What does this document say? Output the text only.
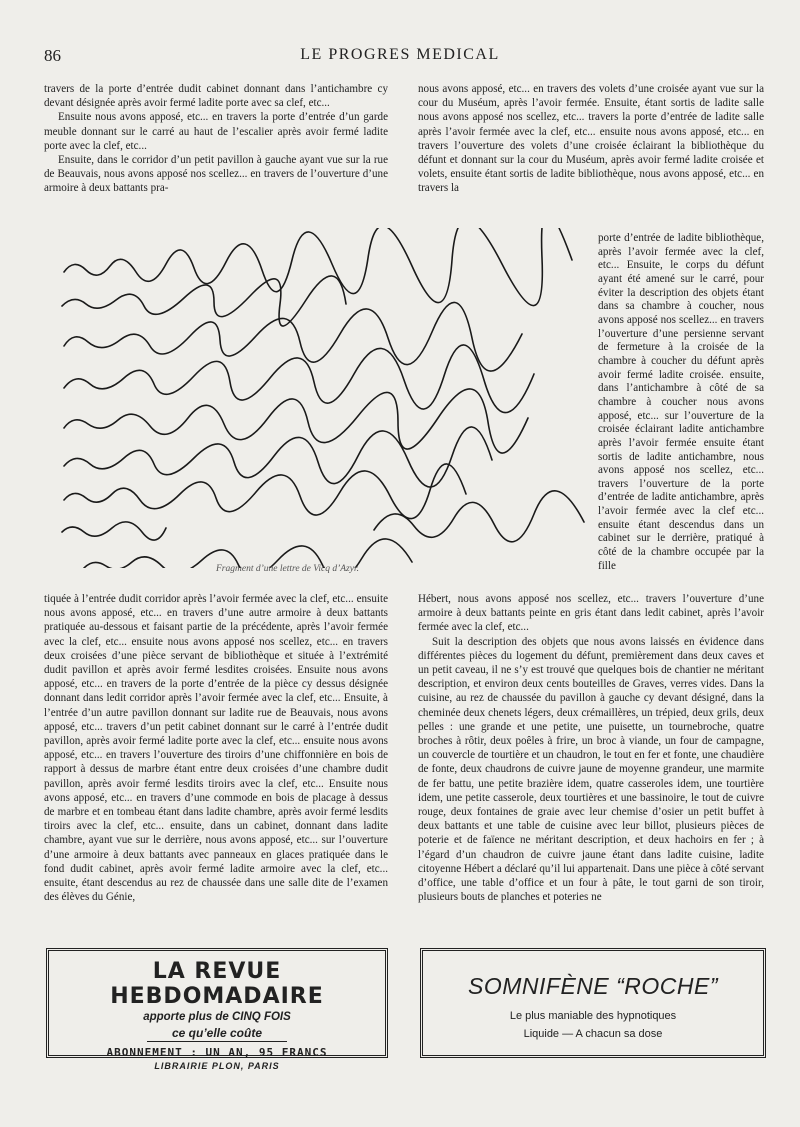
86	LE PROGRES MEDICAL

travers de la porte d’entrée dudit cabinet donnant dans l’antichambre cy devant désignée après avoir fermé ladite porte avec sa clef, etc...

Ensuite nous avons apposé, etc... en travers la porte d’entrée d’un garde meuble donnant sur le carré au haut de l’escalier après avoir fermé ladite porte avec la clef, etc...

Ensuite, dans le corridor d’un petit pavillon à gauche ayant vue sur la rue de Beauvais, nous avons apposé nos scellez... en travers de l’ouverture d’une armoire à deux battants pra-

nous avons apposé, etc... en travers des volets d’une croisée ayant vue sur la cour du Muséum, après l’avoir fermée. Ensuite, étant sortis de ladite salle nous avons apposé nos scellez, etc... travers la porte d’entrée de ladite salle après l’avoir fermée avec la clef, etc... ensuite nous avons apposé, etc... en travers l’ouverture des volets d’une croisée éclairant la bibliothèque du défunt et donnant sur la cour du Muséum, après avoir fermé ladite croisée et volets, ensuite étant sortis de ladite bibliothèque, nous avons apposé, etc... en travers la

porte d’entrée de ladite bibliothèque, après l’avoir fermée avec la clef, etc... Ensuite, le corps du défunt ayant été amené sur le carré, pour éviter la description des objets étant dans sa chambre à coucher, nous avons apposé nos scellez... en travers l’ouverture d’une persienne servant de fermeture à la croisée de la chambre à coucher du défunt après avoir fermé ladite croisée. ensuite, dans l’antichambre à côté de sa chambre à coucher nous avons apposé, etc... sur l’ouverture de la croisée éclairant ladite antichambre après l’avoir fermée ensuite étant sortis de ladite antichambre, nous avons apposé nos scellez, etc... travers l’ouverture de la porte d’entrée de ladite antichambre, après l’avoir fermée avec la clef etc... ensuite étant descendus dans un cabinet sur le derrière, pratiqué à côté de la chambre occupée par la fille

Fragment d’une lettre de Vicq d’Azyr.

tiquée à l’entrée dudit corridor après l’avoir fermée avec la clef, etc... ensuite nous avons apposé, etc... en travers d’une autre armoire à deux battants pratiquée au-dessous et faisant partie de la précédente, après l’avoir fermée avec la clef, etc... ensuite nous avons apposé nos scellez, etc... en travers deux croisées d’une pièce servant de bibliothèque et située à l’extrémité dudit pavillon et après avoir fermé lesdites croisées. Ensuite nous avons apposé, etc... en travers de la porte d’entrée de la pièce cy dessus désignée donnant dans ledit corridor après l’avoir fermée avec la clef, etc... Ensuite, à l’entrée d’un autre pavillon donnant sur ladite rue de Beauvais, nous avons apposé, etc... travers d’un petit cabinet donnant sur le carré à l’entrée dudit pavillon, après avoir fermé ladite porte avec la clef, etc... ensuite nous avons apposé, etc... en travers l’ouverture des tiroirs d’une chiffonnière en bois de rapport à dessus de marbre étant entre deux croisées d’une chambre dudit pavillon, après avoir fermé lesdits tiroirs avec la clef, etc... Ensuite nous avons apposé, etc... en travers d’une commode en bois de placage à dessus de marbre et en tombeau étant dans ladite chambre, après avoir fermé lesdits tiroirs avec la clef, etc... ensuite, dans un cabinet, donnant dans ladite chambre, ayant vue sur le derrière, nous avons apposé, etc... sur l’ouverture d’une armoire à deux battants avec panneaux en glaces pratiquée dans le fond dudit cabinet, après avoir fermé ladite armoire avec la clef, etc... ensuite, étant descendus au rez de chaussée dans une salle dite de l’examen des élèves du Génie,

Hébert, nous avons apposé nos scellez, etc... travers l’ouverture d’une armoire à deux battants peinte en gris étant dans ledit cabinet, après l’avoir fermée avec la clef, etc...

Suit la description des objets que nous avons laissés en évidence dans différentes pièces du logement du défunt, premièrement dans deux caves et un petit caveau, il ne s’y est trouvé que quelques bois de chantier ne méritant description, et environ deux cents bouteilles de Graves, verres vides. Dans la cuisine, au rez de chaussée du pavillon à gauche cy devant désigné, dans la cheminée deux chenets légers, deux crémaillères, un trépied, deux grils, deux pelles : une grande et une petite, une puisette, un tournebroche, quatre broches à rôtir, deux poêles à frire, un broc à viande, un four de campagne, un couvercle de tourtière et un chaudron, le tout en fer et fonte, une chaudière de fonte, deux chaudrons de cuivre jaune de moyenne grandeur, une marmite de fer battu, une petite brazière idem, quatre casseroles idem, une tourtière idem, une petite casserole, deux tourtières et une bassinoire, le tout de cuivre rouge, deux fontaines de graie avec leur chemise d’osier un petit buffet à deux battants et une table de cuisine avec leur billot, plusieurs pièces de poterie et de faïence ne méritant description, et deux hachoirs en fer ; à l’égard d’un chaudron de cuivre jaune étant dans ladite cuisine, ladite citoyenne Hébert a déclaré qu’il lui appartenait. Dans une pièce à côté servant d’office, une table d’office et un four à pâte, le tout garni de son tiroir, plusieurs bouts de planches et poteries ne

LA REVUE HEBDOMADAIRE
apporte plus de CINQ FOIS
ce qu’elle coûte
ABONNEMENT : UN AN, 95 FRANCS
LIBRAIRIE PLON, PARIS
SOMNIFÈNE “ROCHE”
Le plus maniable des hypnotiques
Liquide — A chacun sa dose
